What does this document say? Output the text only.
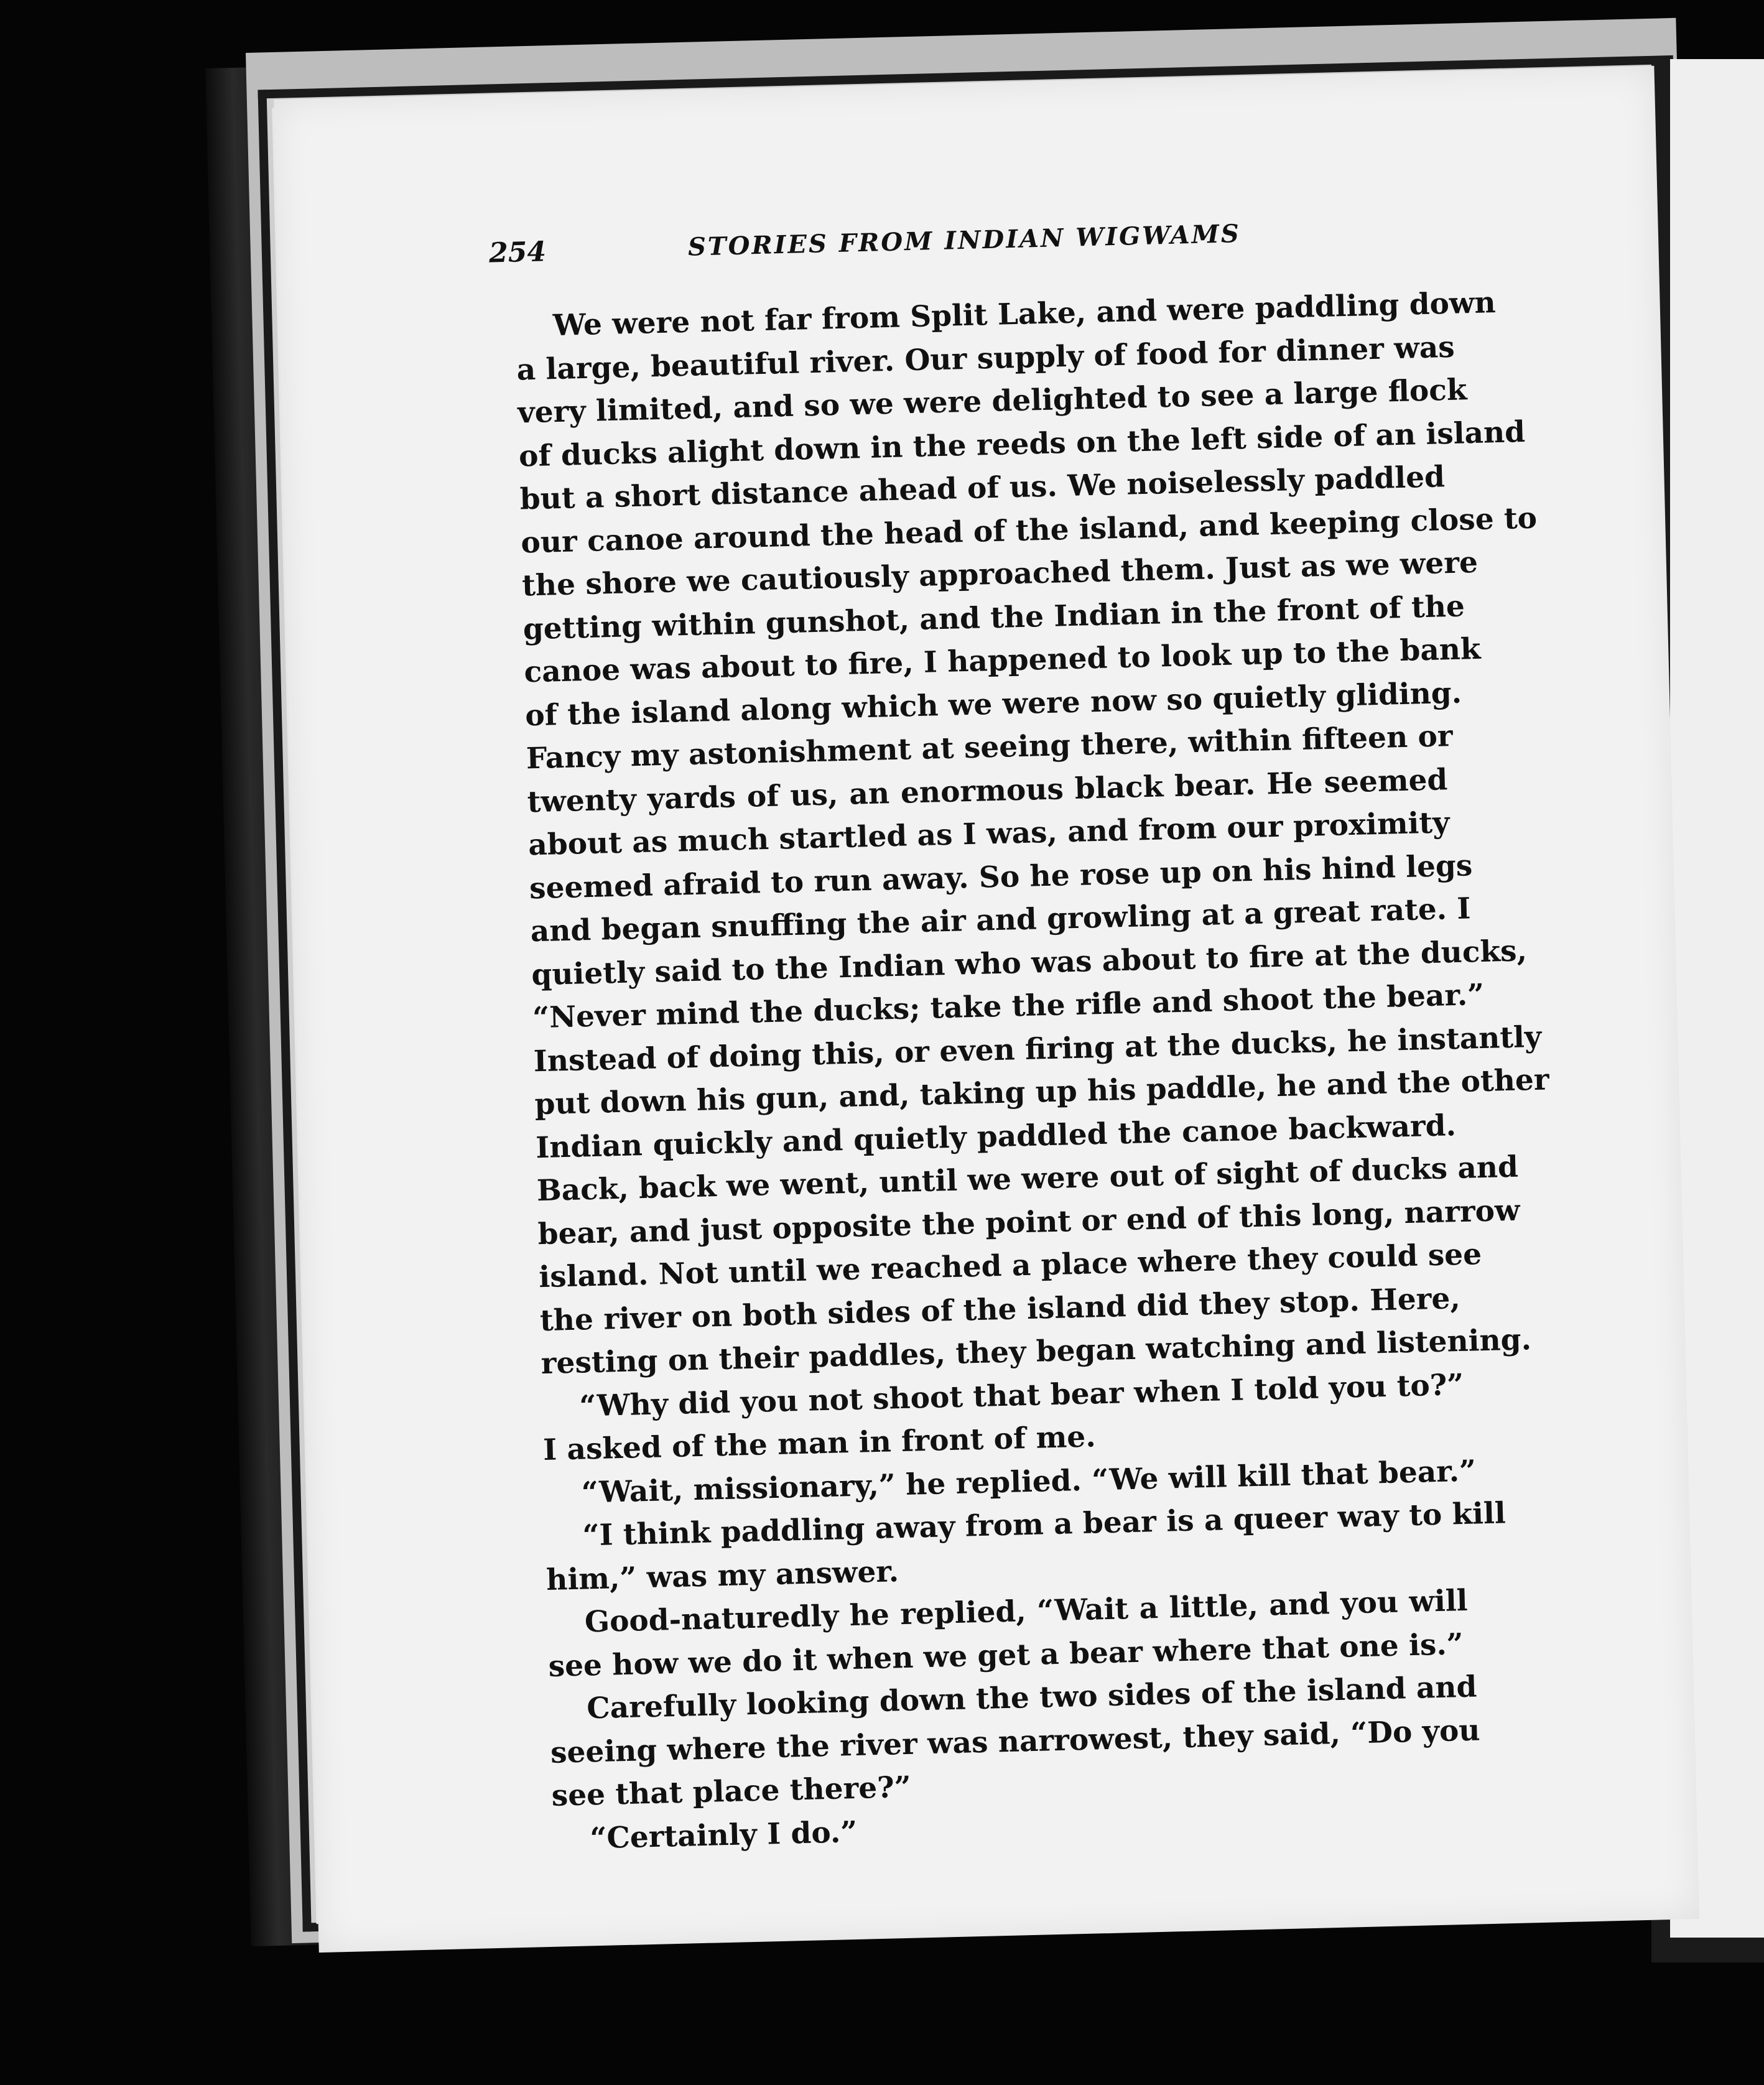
254	STORIES FROM INDIAN WIGWAMS
We were not far from Split Lake, and were paddling down
a large, beautiful river. Our supply of food for dinner was
very limited, and so we were delighted to see a large flock
of ducks alight down in the reeds on the left side of an island
but a short distance ahead of us. We noiselessly paddled
our canoe around the head of the island, and keeping close to
the shore we cautiously approached them. Just as we were
getting within gunshot, and the Indian in the front of the
canoe was about to fire, I happened to look up to the bank
of the island along which we were now so quietly gliding.
Fancy my astonishment at seeing there, within fifteen or
twenty yards of us, an enormous black bear. He seemed
about as much startled as I was, and from our proximity
seemed afraid to run away. So he rose up on his hind legs
and began snuffing the air and growling at a great rate. I
quietly said to the Indian who was about to fire at the ducks,
“Never mind the ducks; take the rifle and shoot the bear.”
Instead of doing this, or even firing at the ducks, he instantly
put down his gun, and, taking up his paddle, he and the other
Indian quickly and quietly paddled the canoe backward.
Back, back we went, until we were out of sight of ducks and
bear, and just opposite the point or end of this long, narrow
island. Not until we reached a place where they could see
the river on both sides of the island did they stop. Here,
resting on their paddles, they began watching and listening.
“Why did you not shoot that bear when I told you to?”
I asked of the man in front of me.
“Wait, missionary,” he replied. “We will kill that bear.”
“I think paddling away from a bear is a queer way to kill
him,” was my answer.
Good-naturedly he replied, “Wait a little, and you will
see how we do it when we get a bear where that one is.”
Carefully looking down the two sides of the island and
seeing where the river was narrowest, they said, “Do you
see that place there?”
“Certainly I do.”
